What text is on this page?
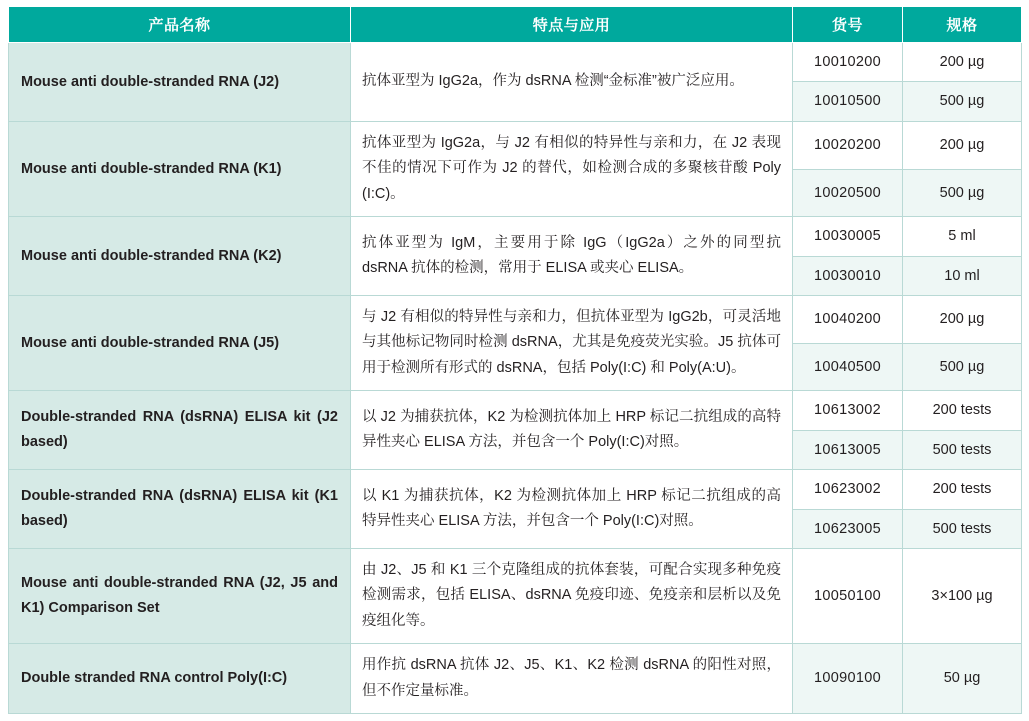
产品名称	特点与应用	货号	规格
Mouse anti double-stranded RNA (J2)	抗体亚型为 IgG2a，作为 dsRNA 检测“金标准”被广泛应用。	10010200	200 µg
		10010500	500 µg
Mouse anti double-stranded RNA (K1)	抗体亚型为 IgG2a，与 J2 有相似的特异性与亲和力，在 J2 表现不佳的情况下可作为 J2 的替代，如检测合成的多聚核苷酸 Poly (I:C)。	10020200	200 µg
		10020500	500 µg
Mouse anti double-stranded RNA (K2)	抗体亚型为 IgM，主要用于除 IgG（IgG2a）之外的同型抗 dsRNA 抗体的检测，常用于 ELISA 或夹心 ELISA。	10030005	5 ml
		10030010	10 ml
Mouse anti double-stranded RNA (J5)	与 J2 有相似的特异性与亲和力，但抗体亚型为 IgG2b，可灵活地与其他标记物同时检测 dsRNA，尤其是免疫荧光实验。J5 抗体可用于检测所有形式的 dsRNA，包括 Poly(I:C) 和 Poly(A:U)。	10040200	200 µg
		10040500	500 µg
Double-stranded RNA (dsRNA) ELISA kit (J2 based)	以 J2 为捕获抗体，K2 为检测抗体加上 HRP 标记二抗组成的高特异性夹心 ELISA 方法，并包含一个 Poly(I:C)对照。	10613002	200 tests
		10613005	500 tests
Double-stranded RNA (dsRNA) ELISA kit (K1 based)	以 K1 为捕获抗体，K2 为检测抗体加上 HRP 标记二抗组成的高特异性夹心 ELISA 方法，并包含一个 Poly(I:C)对照。	10623002	200 tests
		10623005	500 tests
Mouse anti double-stranded RNA (J2, J5 and K1) Comparison Set	由 J2、J5 和 K1 三个克隆组成的抗体套装，可配合实现多种免疫检测需求，包括 ELISA、dsRNA 免疫印迹、免疫亲和层析以及免疫组化等。	10050100	3×100 µg
Double stranded RNA control Poly(I:C)	用作抗 dsRNA 抗体 J2、J5、K1、K2 检测 dsRNA 的阳性对照，但不作定量标准。	10090100	50 µg
